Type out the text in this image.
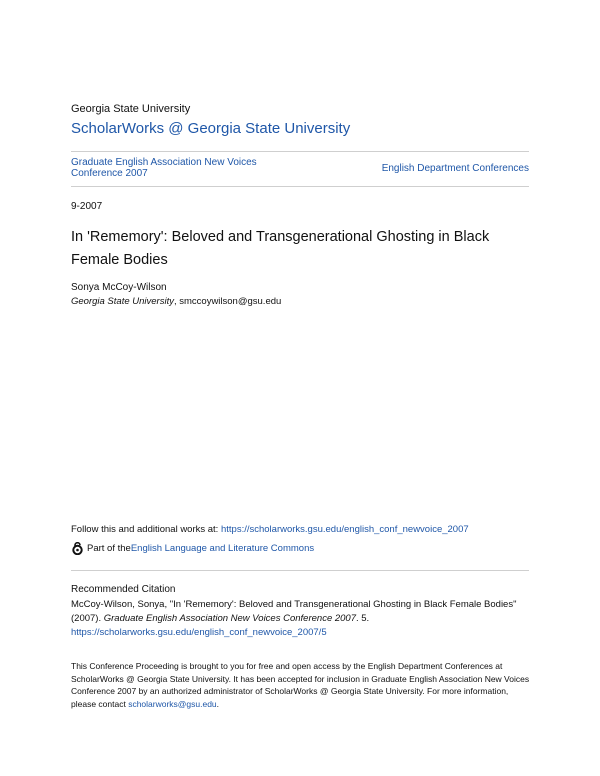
Georgia State University
ScholarWorks @ Georgia State University
Graduate English Association New Voices Conference 2007	English Department Conferences
9-2007
In 'Rememory': Beloved and Transgenerational Ghosting in Black Female Bodies
Sonya McCoy-Wilson
Georgia State University, smccoywilson@gsu.edu
Follow this and additional works at: https://scholarworks.gsu.edu/english_conf_newvoice_2007
Part of the English Language and Literature Commons
Recommended Citation
McCoy-Wilson, Sonya, "In 'Rememory': Beloved and Transgenerational Ghosting in Black Female Bodies" (2007). Graduate English Association New Voices Conference 2007. 5.
https://scholarworks.gsu.edu/english_conf_newvoice_2007/5
This Conference Proceeding is brought to you for free and open access by the English Department Conferences at ScholarWorks @ Georgia State University. It has been accepted for inclusion in Graduate English Association New Voices Conference 2007 by an authorized administrator of ScholarWorks @ Georgia State University. For more information, please contact scholarworks@gsu.edu.
